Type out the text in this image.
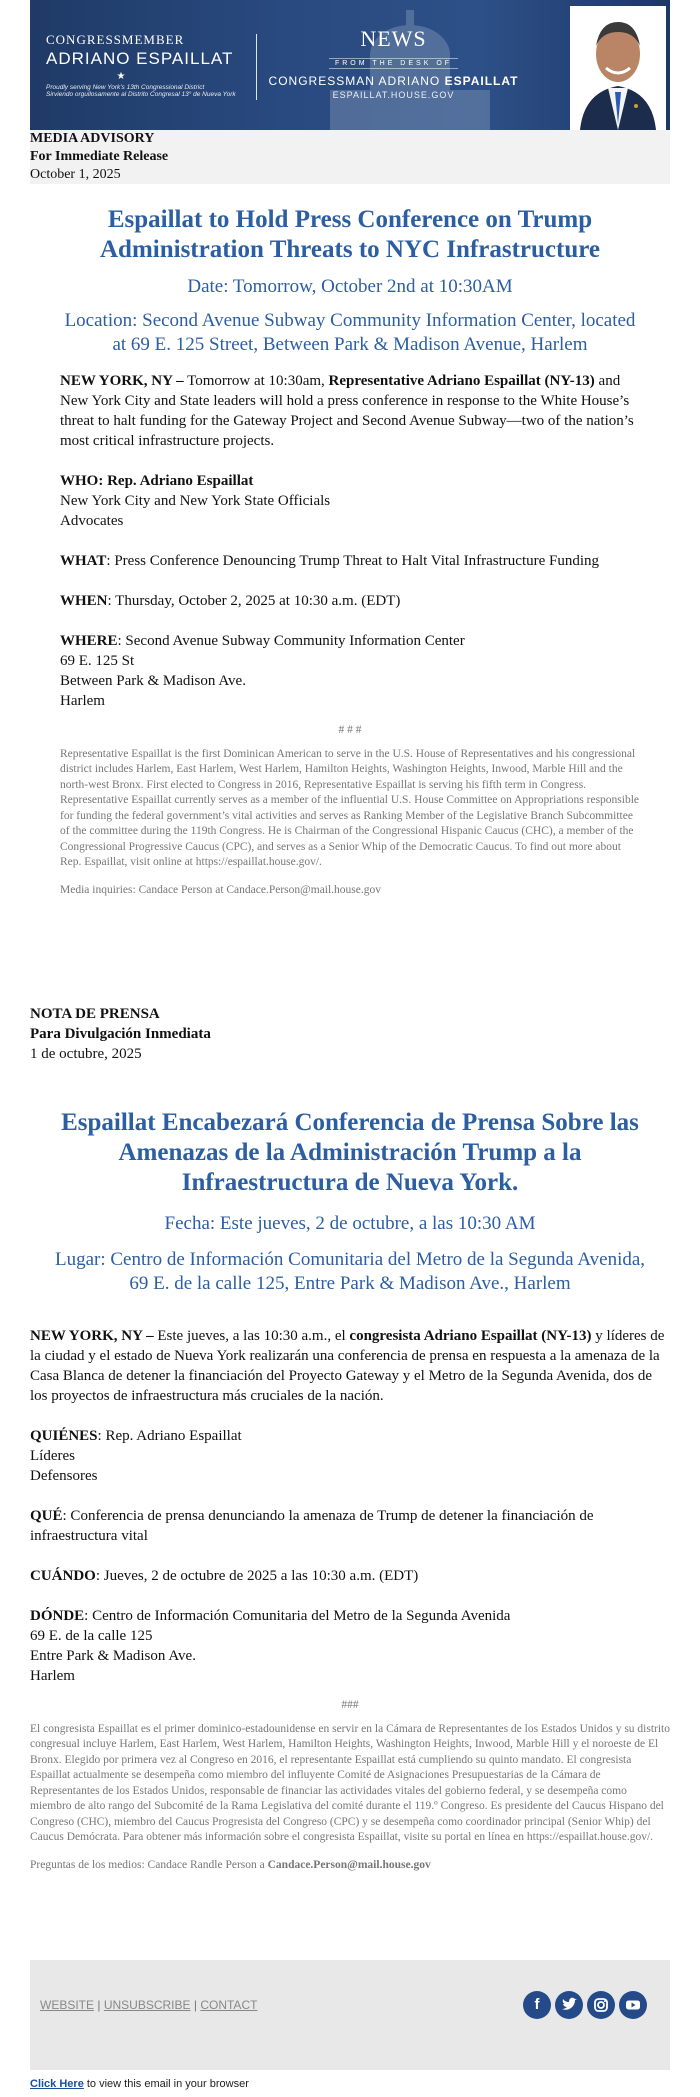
CONGRESSMEMBER
ADRIANO ESPAILLAT
★
Proudly serving New York's 13th Congressional District
Sirviendo orgullosamente al Distrito Congresal 13° de Nueva York
NEWS
FROM THE DESK OF
CONGRESSMAN ADRIANO ESPAILLAT
ESPAILLAT.HOUSE.GOV
MEDIA ADVISORY
For Immediate Release
October 1, 2025
Espaillat to Hold Press Conference on Trump Administration Threats to NYC Infrastructure
Date: Tomorrow, October 2nd at 10:30AM
Location: Second Avenue Subway Community Information Center, located at 69 E. 125 Street, Between Park & Madison Avenue, Harlem

NEW YORK, NY – Tomorrow at 10:30am, Representative Adriano Espaillat (NY-13) and New York City and State leaders will hold a press conference in response to the White House’s threat to halt funding for the Gateway Project and Second Avenue Subway—two of the nation’s most critical infrastructure projects.

WHO: Rep. Adriano Espaillat
New York City and New York State Officials
Advocates

WHAT: Press Conference Denouncing Trump Threat to Halt Vital Infrastructure Funding

WHEN: Thursday, October 2, 2025 at 10:30 a.m. (EDT)

WHERE: Second Avenue Subway Community Information Center
69 E. 125 St
Between Park & Madison Ave.
Harlem

# # #
Representative Espaillat is the first Dominican American to serve in the U.S. House of Representatives and his congressional district includes Harlem, East Harlem, West Harlem, Hamilton Heights, Washington Heights, Inwood, Marble Hill and the north-west Bronx. First elected to Congress in 2016, Representative Espaillat is serving his fifth term in Congress. Representative Espaillat currently serves as a member of the influential U.S. House Committee on Appropriations responsible for funding the federal government’s vital activities and serves as Ranking Member of the Legislative Branch Subcommittee of the committee during the 119th Congress. He is Chairman of the Congressional Hispanic Caucus (CHC), a member of the Congressional Progressive Caucus (CPC), and serves as a Senior Whip of the Democratic Caucus. To find out more about Rep. Espaillat, visit online at https://espaillat.house.gov/.
Media inquiries: Candace Person at Candace.Person@mail.house.gov
NOTA DE PRENSA
Para Divulgación Inmediata
1 de octubre, 2025
Espaillat Encabezará Conferencia de Prensa Sobre las Amenazas de la Administración Trump a la Infraestructura de Nueva York.
Fecha: Este jueves, 2 de octubre, a las 10:30 AM
Lugar: Centro de Información Comunitaria del Metro de la Segunda Avenida, 69 E. de la calle 125, Entre Park & Madison Ave., Harlem

NEW YORK, NY – Este jueves, a las 10:30 a.m., el congresista Adriano Espaillat (NY-13) y líderes de la ciudad y el estado de Nueva York realizarán una conferencia de prensa en respuesta a la amenaza de la Casa Blanca de detener la financiación del Proyecto Gateway y el Metro de la Segunda Avenida, dos de los proyectos de infraestructura más cruciales de la nación.

QUIÉNES: Rep. Adriano Espaillat
Líderes
Defensores

QUÉ: Conferencia de prensa denunciando la amenaza de Trump de detener la financiación de infraestructura vital

CUÁNDO: Jueves, 2 de octubre de 2025 a las 10:30 a.m. (EDT)

DÓNDE: Centro de Información Comunitaria del Metro de la Segunda Avenida
69 E. de la calle 125
Entre Park & Madison Ave.
Harlem

###
El congresista Espaillat es el primer dominico-estadounidense en servir en la Cámara de Representantes de los Estados Unidos y su distrito congresual incluye Harlem, East Harlem, West Harlem, Hamilton Heights, Washington Heights, Inwood, Marble Hill y el noroeste de El Bronx. Elegido por primera vez al Congreso en 2016, el representante Espaillat está cumpliendo su quinto mandato. El congresista Espaillat actualmente se desempeña como miembro del influyente Comité de Asignaciones Presupuestarias de la Cámara de Representantes de los Estados Unidos, responsable de financiar las actividades vitales del gobierno federal, y se desempeña como miembro de alto rango del Subcomité de la Rama Legislativa del comité durante el 119.º Congreso. Es presidente del Caucus Hispano del Congreso (CHC), miembro del Caucus Progresista del Congreso (CPC) y se desempeña como coordinador principal (Senior Whip) del Caucus Demócrata. Para obtener más información sobre el congresista Espaillat, visite su portal en línea en https://espaillat.house.gov/.
Preguntas de los medios: Candace Randle Person a Candace.Person@mail.house.gov
WEBSITE | UNSUBSCRIBE | CONTACT	f
Click Here to view this email in your browser
